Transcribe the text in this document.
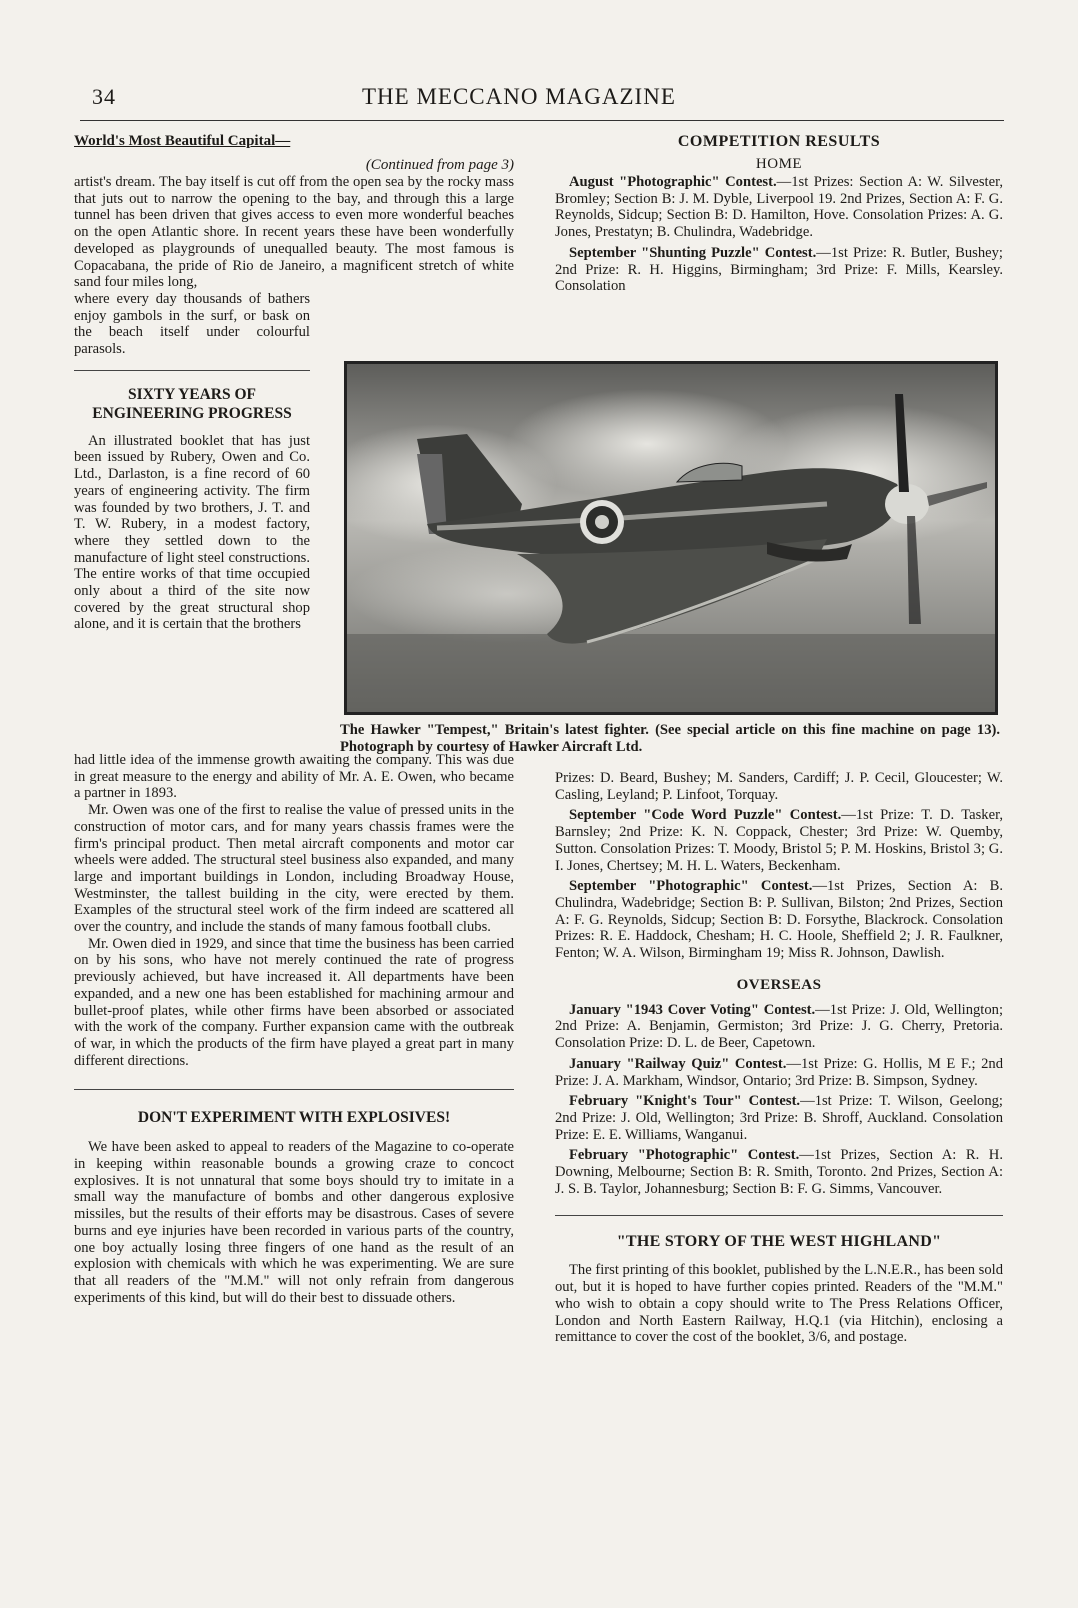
34	THE MECCANO MAGAZINE
World's Most Beautiful Capital—
(Continued from page 3)

artist's dream. The bay itself is cut off from the open sea by the rocky mass that juts out to narrow the opening to the bay, and through this a large tunnel has been driven that gives access to even more wonderful beaches on the open Atlantic shore. In recent years these have been wonderfully developed as playgrounds of unequalled beauty. The most famous is Copacabana, the pride of Rio de Janeiro, a magnificent stretch of white sand four miles long,

where every day thousands of bathers enjoy gambols in the surf, or bask on the beach itself under colourful parasols.

SIXTY YEARS OF ENGINEERING PROGRESS

An illustrated booklet that has just been issued by Rubery, Owen and Co. Ltd., Darlaston, is a fine record of 60 years of engineering activity. The firm was founded by two brothers, J. T. and T. W. Rubery, in a modest factory, where they settled down to the manufacture of light steel constructions. The entire works of that time occupied only about a third of the site now covered by the great structural shop alone, and it is certain that the brothers

The Hawker "Tempest," Britain's latest fighter. (See special article on this fine machine on page 13). Photograph by courtesy of Hawker Aircraft Ltd.

had little idea of the immense growth awaiting the company. This was due in great measure to the energy and ability of Mr. A. E. Owen, who became a partner in 1893.

Mr. Owen was one of the first to realise the value of pressed units in the construction of motor cars, and for many years chassis frames were the firm's principal product. Then metal aircraft components and motor car wheels were added. The structural steel business also expanded, and many large and important buildings in London, including Broadway House, Westminster, the tallest building in the city, were erected by them. Examples of the structural steel work of the firm indeed are scattered all over the country, and include the stands of many famous football clubs.

Mr. Owen died in 1929, and since that time the business has been carried on by his sons, who have not merely continued the rate of progress previously achieved, but have increased it. All departments have been expanded, and a new one has been established for machining armour and bullet-proof plates, while other firms have been absorbed or associated with the work of the company. Further expansion came with the outbreak of war, in which the products of the firm have played a great part in many different directions.

DON'T EXPERIMENT WITH EXPLOSIVES!

We have been asked to appeal to readers of the Magazine to co-operate in keeping within reasonable bounds a growing craze to concoct explosives. It is not unnatural that some boys should try to imitate in a small way the manufacture of bombs and other dangerous explosive missiles, but the results of their efforts may be disastrous. Cases of severe burns and eye injuries have been recorded in various parts of the country, one boy actually losing three fingers of one hand as the result of an explosion with chemicals with which he was experimenting. We are sure that all readers of the "M.M." will not only refrain from dangerous experiments of this kind, but will do their best to dissuade others.

COMPETITION RESULTS
HOME

August "Photographic" Contest.—1st Prizes: Section A: W. Silvester, Bromley; Section B: J. M. Dyble, Liverpool 19. 2nd Prizes, Section A: F. G. Reynolds, Sidcup; Section B: D. Hamilton, Hove. Consolation Prizes: A. G. Jones, Prestatyn; B. Chulindra, Wadebridge.

September "Shunting Puzzle" Contest.—1st Prize: R. Butler, Bushey; 2nd Prize: R. H. Higgins, Birmingham; 3rd Prize: F. Mills, Kearsley. Consolation

Prizes: D. Beard, Bushey; M. Sanders, Cardiff; J. P. Cecil, Gloucester; W. Casling, Leyland; P. Linfoot, Torquay.

September "Code Word Puzzle" Contest.—1st Prize: T. D. Tasker, Barnsley; 2nd Prize: K. N. Coppack, Chester; 3rd Prize: W. Quemby, Sutton. Consolation Prizes: T. Moody, Bristol 5; P. M. Hoskins, Bristol 3; G. I. Jones, Chertsey; M. H. L. Waters, Beckenham.

September "Photographic" Contest.—1st Prizes, Section A: B. Chulindra, Wadebridge; Section B: P. Sullivan, Bilston; 2nd Prizes, Section A: F. G. Reynolds, Sidcup; Section B: D. Forsythe, Blackrock. Consolation Prizes: R. E. Haddock, Chesham; H. C. Hoole, Sheffield 2; J. R. Faulkner, Fenton; W. A. Wilson, Birmingham 19; Miss R. Johnson, Dawlish.

OVERSEAS

January "1943 Cover Voting" Contest.—1st Prize: J. Old, Wellington; 2nd Prize: A. Benjamin, Germiston; 3rd Prize: J. G. Cherry, Pretoria. Consolation Prize: D. L. de Beer, Capetown.

January "Railway Quiz" Contest.—1st Prize: G. Hollis, M E F.; 2nd Prize: J. A. Markham, Windsor, Ontario; 3rd Prize: B. Simpson, Sydney.

February "Knight's Tour" Contest.—1st Prize: T. Wilson, Geelong; 2nd Prize: J. Old, Wellington; 3rd Prize: B. Shroff, Auckland. Consolation Prize: E. E. Williams, Wanganui.

February "Photographic" Contest.—1st Prizes, Section A: R. H. Downing, Melbourne; Section B: R. Smith, Toronto. 2nd Prizes, Section A: J. S. B. Taylor, Johannesburg; Section B: F. G. Simms, Vancouver.

"THE STORY OF THE WEST HIGHLAND"

The first printing of this booklet, published by the L.N.E.R., has been sold out, but it is hoped to have further copies printed. Readers of the "M.M." who wish to obtain a copy should write to The Press Relations Officer, London and North Eastern Railway, H.Q.1 (via Hitchin), enclosing a remittance to cover the cost of the booklet, 3/6, and postage.
